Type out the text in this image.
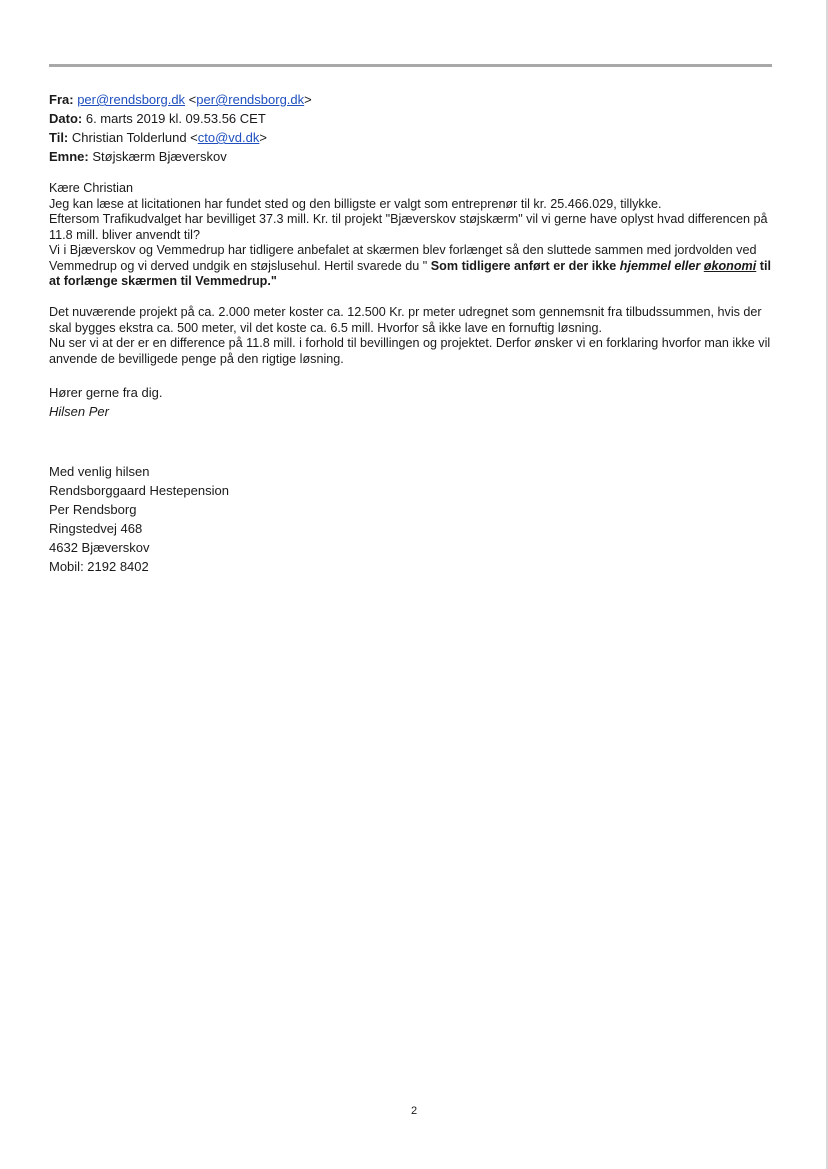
Fra: per@rendsborg.dk <per@rendsborg.dk>
Dato: 6. marts 2019 kl. 09.53.56 CET
Til: Christian Tolderlund <cto@vd.dk>
Emne: Støjskærm Bjæverskov

Kære Christian

Jeg kan læse at licitationen har fundet sted og den billigste er valgt som entreprenør til kr. 25.466.029, tillykke.

Eftersom Trafikudvalget har bevilliget 37.3 mill. Kr. til projekt "Bjæverskov støjskærm" vil vi gerne have oplyst hvad differencen på 11.8 mill. bliver anvendt til?

Vi i Bjæverskov og Vemmedrup har tidligere anbefalet at skærmen blev forlænget så den sluttede sammen med jordvolden ved Vemmedrup og vi derved undgik en støjslusehul. Hertil svarede du " Som tidligere anført er der ikke hjemmel eller økonomi til at forlænge skærmen til Vemmedrup."

Det nuværende projekt på ca. 2.000 meter koster ca. 12.500 Kr. pr meter udregnet som gennemsnit fra tilbudssummen, hvis der skal bygges ekstra ca. 500 meter, vil det koste ca. 6.5 mill. Hvorfor så ikke lave en fornuftig løsning.

Nu ser vi at der er en difference på 11.8 mill. i forhold til bevillingen og projektet. Derfor ønsker vi en forklaring hvorfor man ikke vil anvende de bevilligede penge på den rigtige løsning.

Hører gerne fra dig.

Hilsen Per

Med venlig hilsen
Rendsborggaard Hestepension
Per Rendsborg
Ringstedvej 468
4632 Bjæverskov
Mobil: 2192 8402
2
